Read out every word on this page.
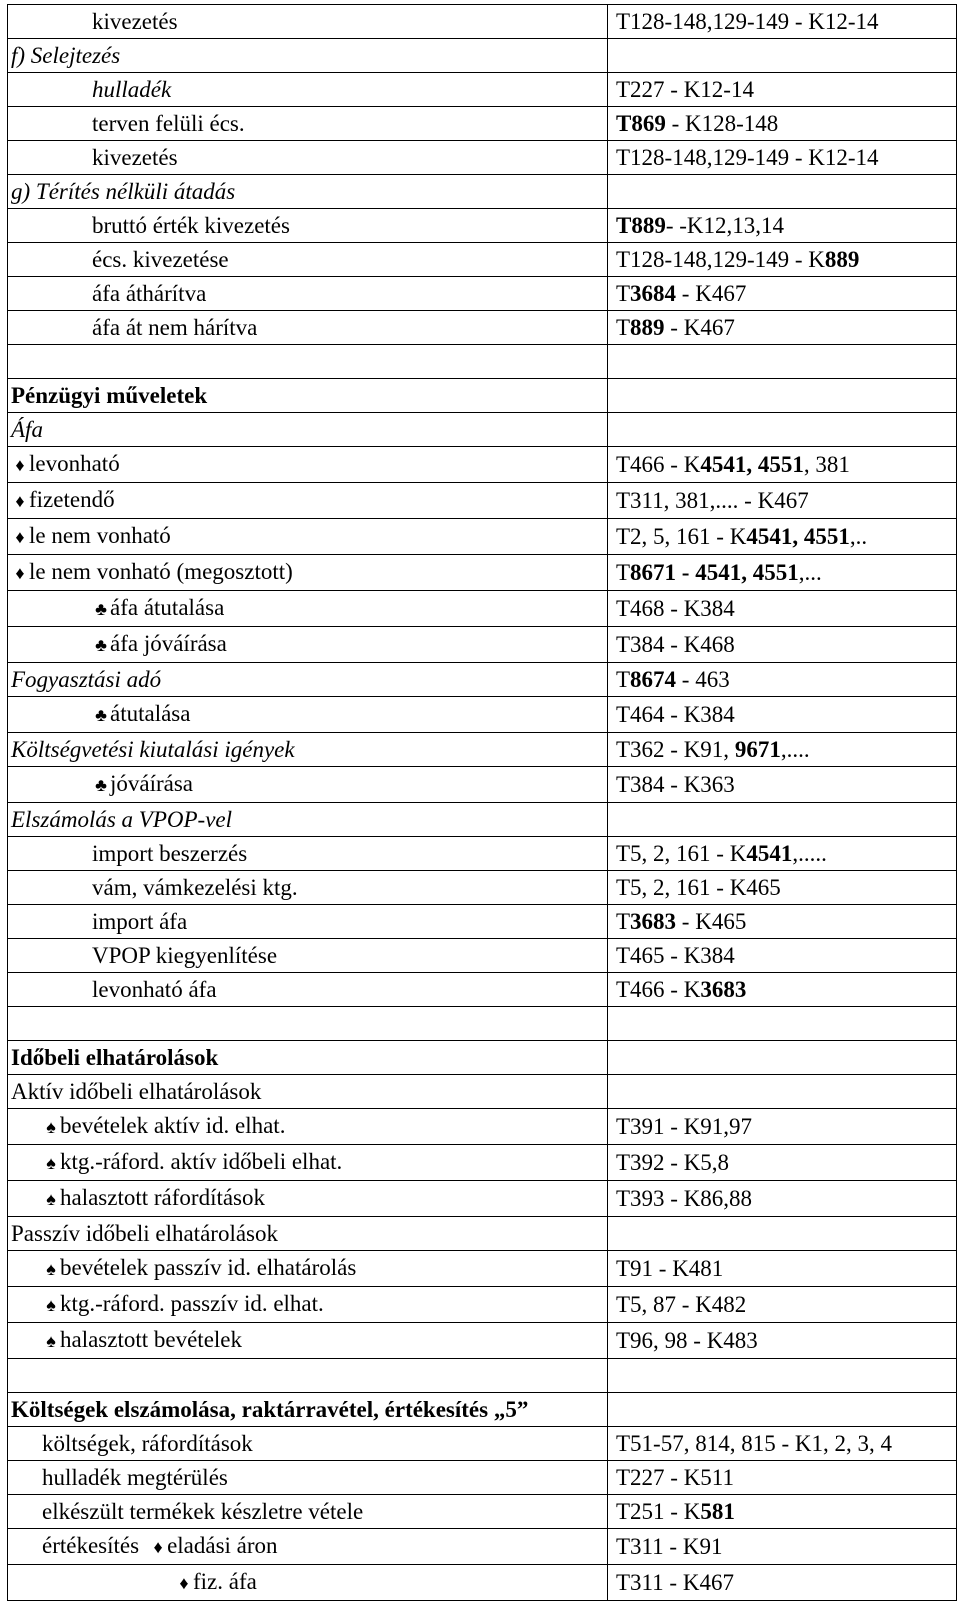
kivezetés	T128-148,129-149 - K12-14
f) Selejtezés	
hulladék	T227 - K12-14
terven felüli écs.	T869 - K128-148
kivezetés	T128-148,129-149 - K12-14
g) Térítés nélküli átadás	
bruttó érték kivezetés	T889- -K12,13,14
écs. kivezetése	T128-148,129-149 - K889
áfa áthárítva	T3684 - K467
áfa át nem hárítva	T889 - K467

Pénzügyi műveletek	
Áfa	
♦ levonható	T466 - K4541, 4551, 381
♦ fizetendő	T311, 381,.... - K467
♦ le nem vonható	T2, 5, 161 - K4541, 4551,..
♦ le nem vonható (megosztott)	T8671 - 4541, 4551,...
♣ áfa átutalása	T468 - K384
♣ áfa jóváírása	T384 - K468
Fogyasztási adó	T8674 - 463
♣ átutalása	T464 - K384
Költségvetési kiutalási igények	T362 - K91, 9671,....
♣ jóváírása	T384 - K363
Elszámolás a VPOP-vel	
import beszerzés	T5, 2, 161 - K4541,.....
vám, vámkezelési ktg.	T5, 2, 161 - K465
import áfa	T3683 - K465
VPOP kiegyenlítése	T465 - K384
levonható áfa	T466 - K3683

Időbeli elhatárolások	
Aktív időbeli elhatárolások	
♠ bevételek aktív id. elhat.	T391 - K91,97
♠ ktg.-ráford. aktív időbeli elhat.	T392 - K5,8
♠ halasztott ráfordítások	T393 - K86,88
Passzív időbeli elhatárolások	
♠ bevételek passzív id. elhatárolás	T91 - K481
♠ ktg.-ráford. passzív id. elhat.	T5, 87 - K482
♠ halasztott bevételek	T96, 98 - K483

Költségek elszámolása, raktárravétel, értékesítés „5”	
költségek, ráfordítások	T51-57, 814, 815 - K1, 2, 3, 4
hulladék megtérülés	T227 - K511
elkészült termékek készletre vétele	T251 - K581
értékesítés ♦ eladási áron	T311 - K91
♦ fiz. áfa	T311 - K467
